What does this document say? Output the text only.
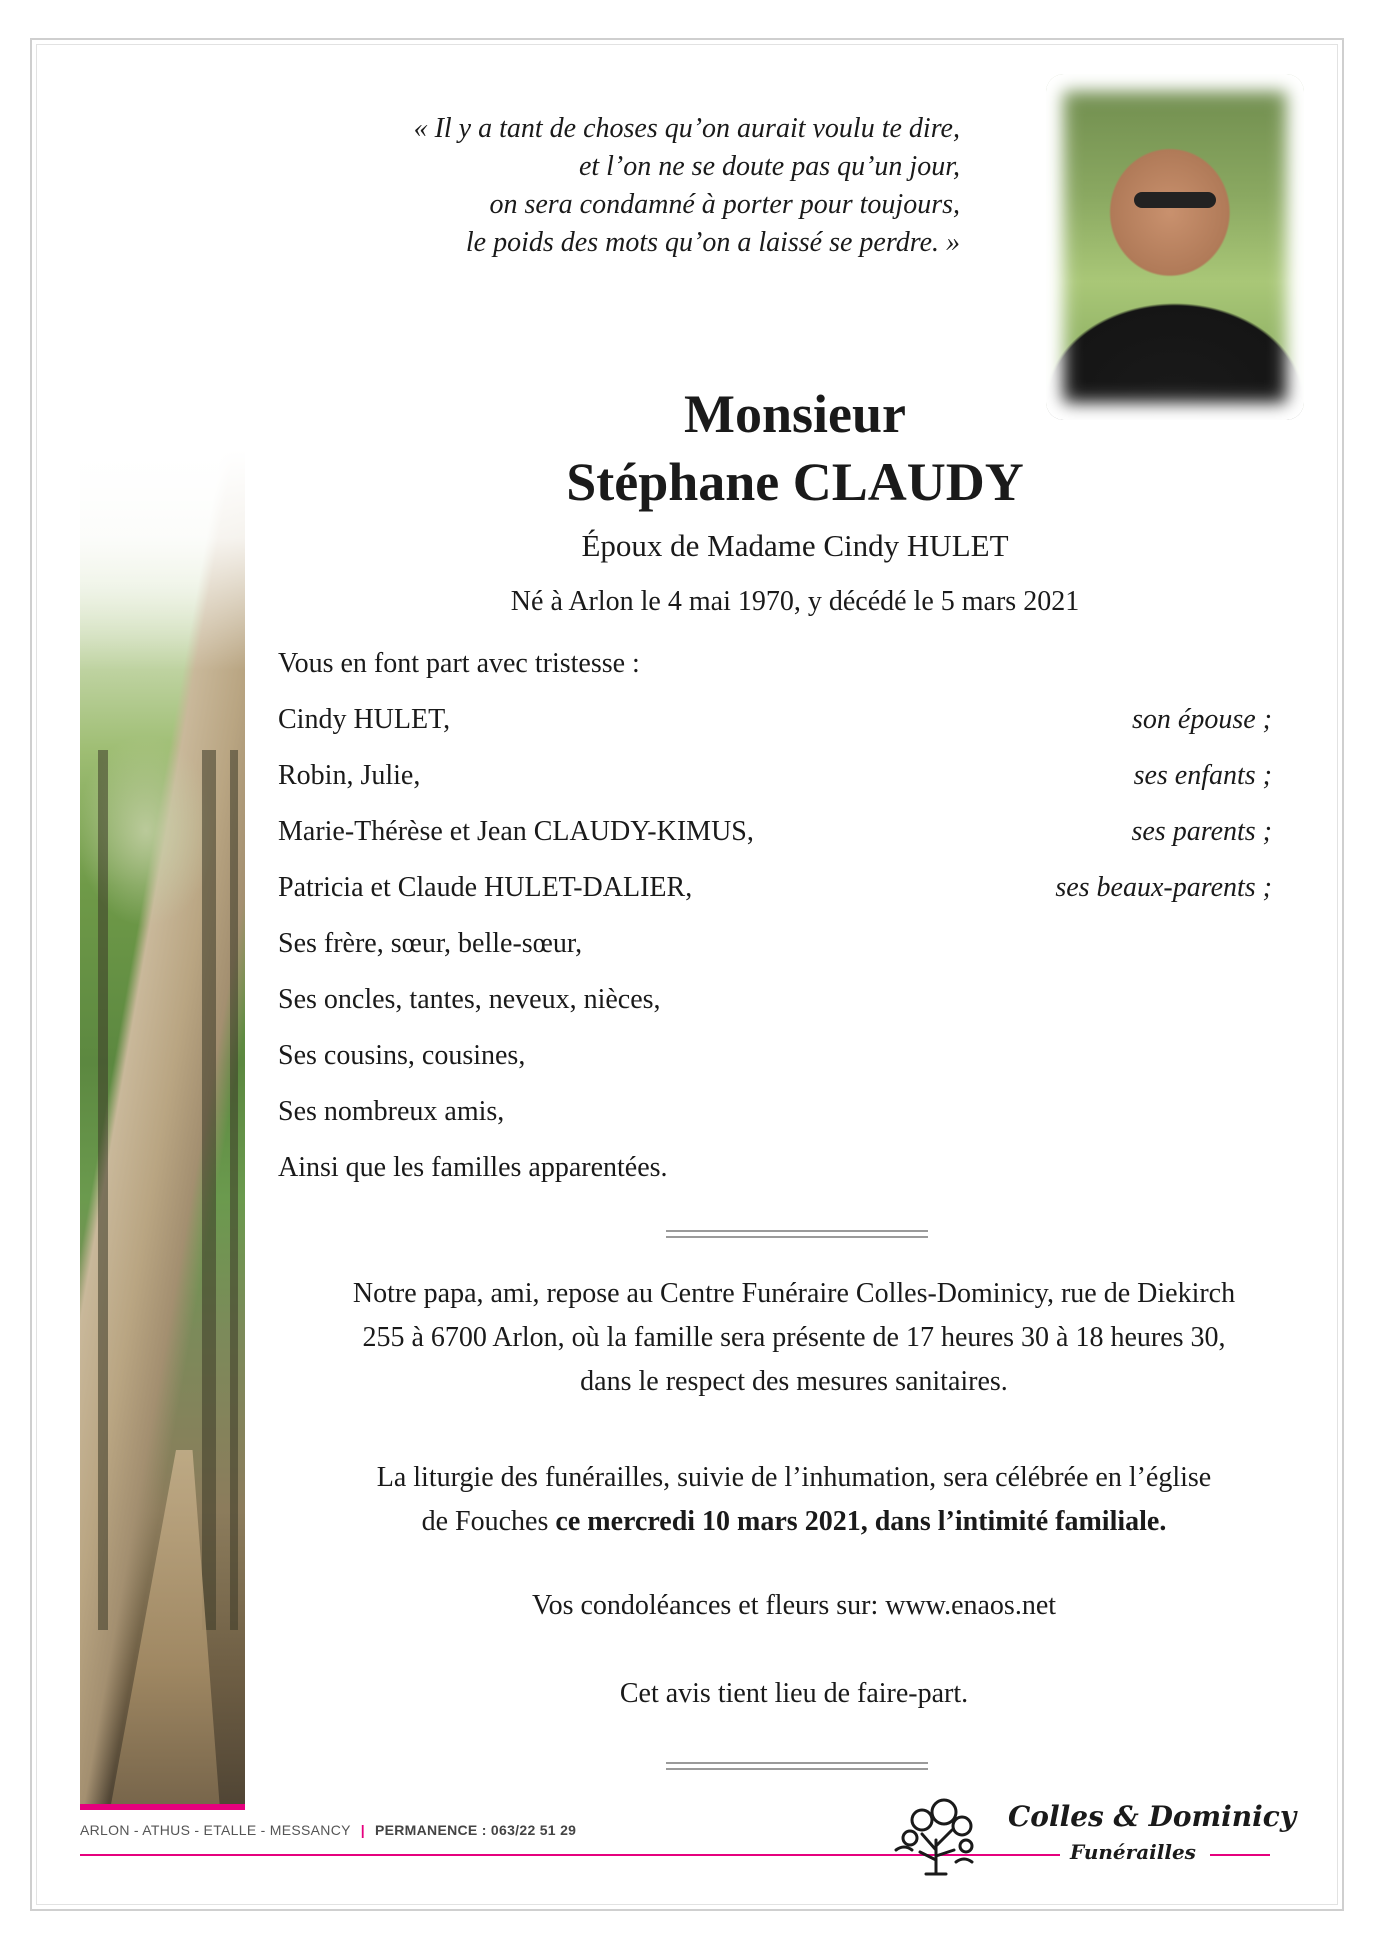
« Il y a tant de choses qu’on aurait voulu te dire,
et l’on ne se doute pas qu’un jour,
on sera condamné à porter pour toujours,
le poids des mots qu’on a laissé se perdre. »
Monsieur
Stéphane CLAUDY
Époux de Madame Cindy HULET
Né à Arlon le 4 mai 1970, y décédé le 5 mars 2021
Vous en font part avec tristesse :
Cindy HULET,	son épouse ;
Robin, Julie,	ses enfants ;
Marie-Thérèse et Jean CLAUDY-KIMUS,	ses parents ;
Patricia et Claude HULET-DALIER,	ses beaux-parents ;
Ses frère, sœur, belle-sœur,
Ses oncles, tantes, neveux, nièces,
Ses cousins, cousines,
Ses nombreux amis,
Ainsi que les familles apparentées.
Notre papa, ami, repose au Centre Funéraire Colles-Dominicy, rue de Diekirch
255 à 6700 Arlon, où la famille sera présente de 17 heures 30 à 18 heures 30,
dans le respect des mesures sanitaires.
La liturgie des funérailles, suivie de l’inhumation, sera célébrée en l’église
de Fouches ce mercredi 10 mars 2021, dans l’intimité familiale.
Vos condoléances et fleurs sur: www.enaos.net
Cet avis tient lieu de faire-part.
ARLON - ATHUS - ETALLE - MESSANCY | PERMANENCE : 063/22 51 29	Colles & Dominicy
Funérailles
